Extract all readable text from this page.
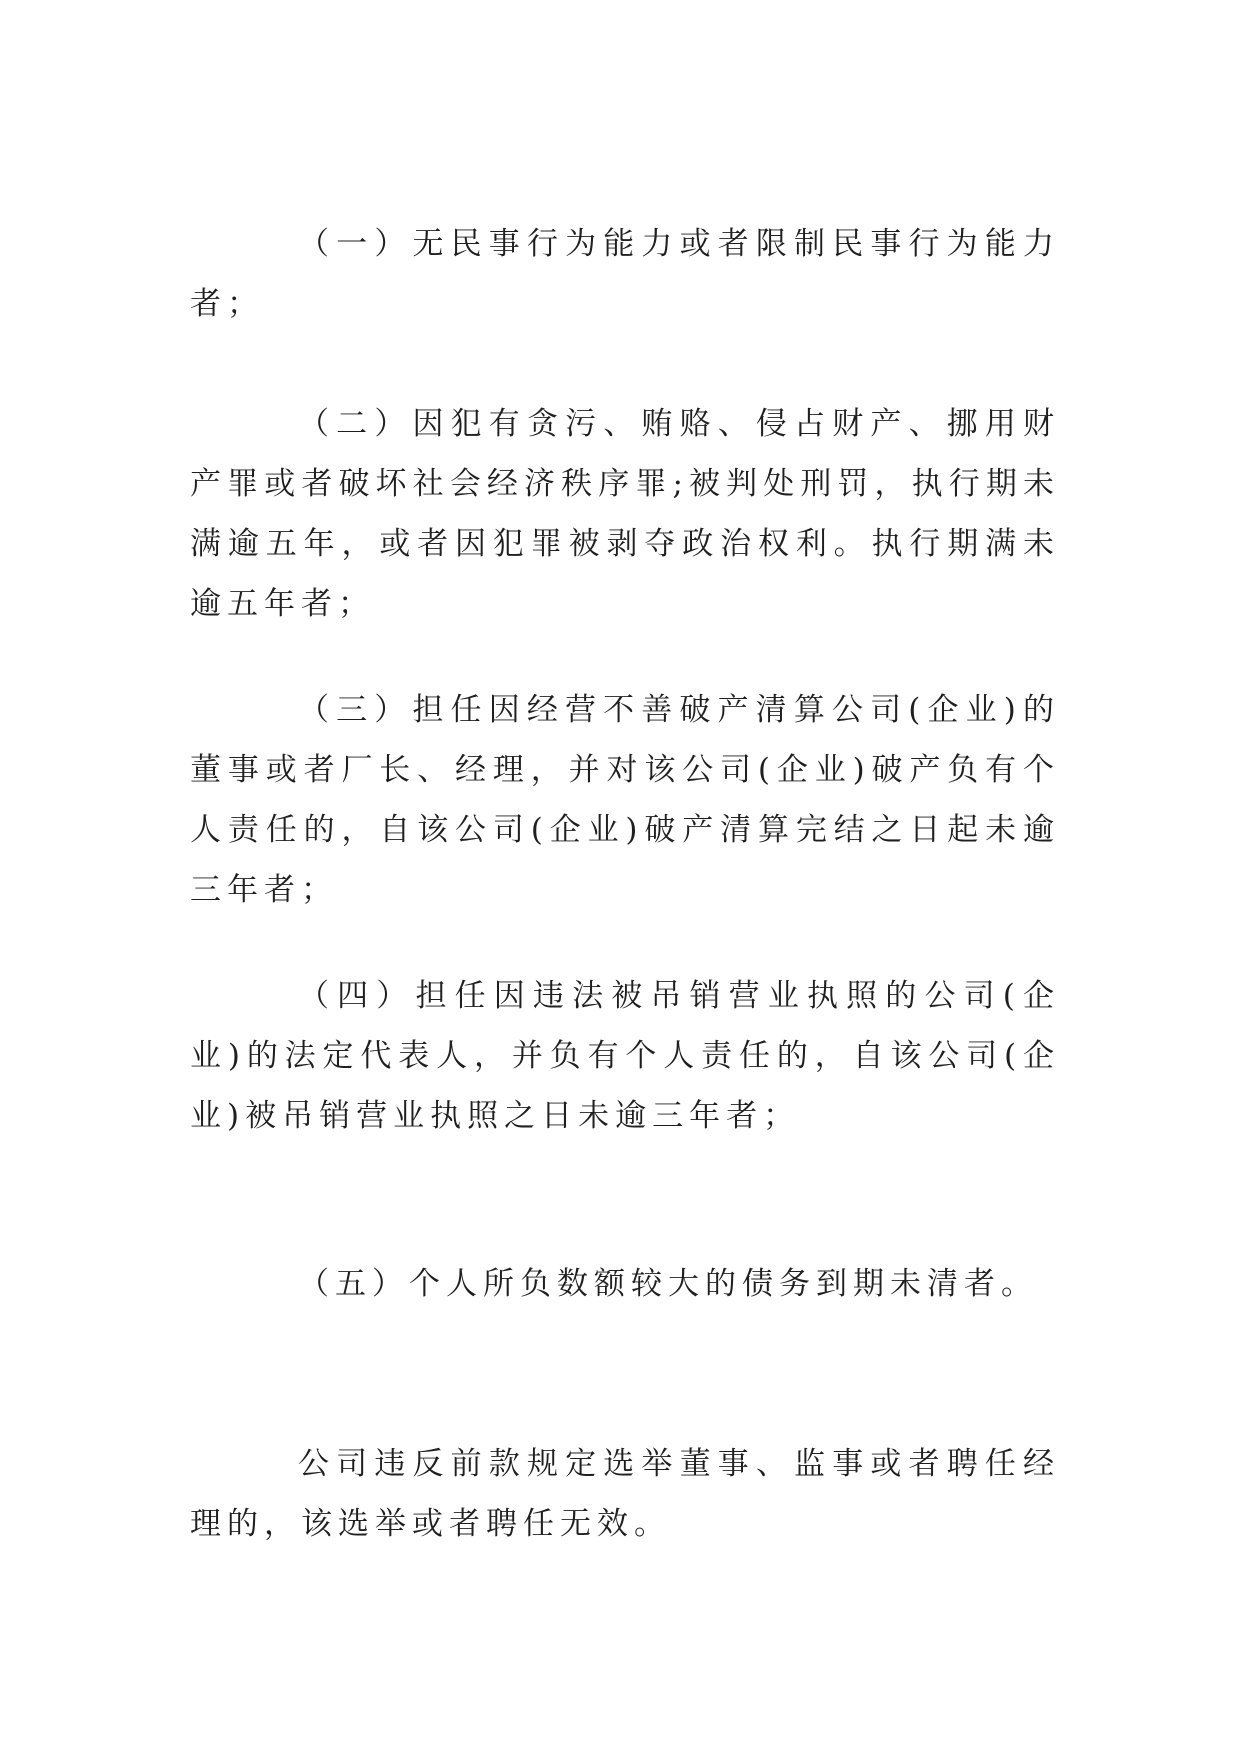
（一）无民事行为能力或者限制民事行为能力者；

（二）因犯有贪污、贿赂、侵占财产、挪用财产罪或者破坏社会经济秩序罪;被判处刑罚，执行期未满逾五年，或者因犯罪被剥夺政治权利。执行期满未逾五年者；

（三）担任因经营不善破产清算公司(企业)的董事或者厂长、经理，并对该公司(企业)破产负有个人责任的，自该公司(企业)破产清算完结之日起未逾三年者；

（四）担任因违法被吊销营业执照的公司(企业)的法定代表人，并负有个人责任的，自该公司(企业)被吊销营业执照之日未逾三年者；

（五）个人所负数额较大的债务到期未清者。

公司违反前款规定选举董事、监事或者聘任经理的，该选举或者聘任无效。
